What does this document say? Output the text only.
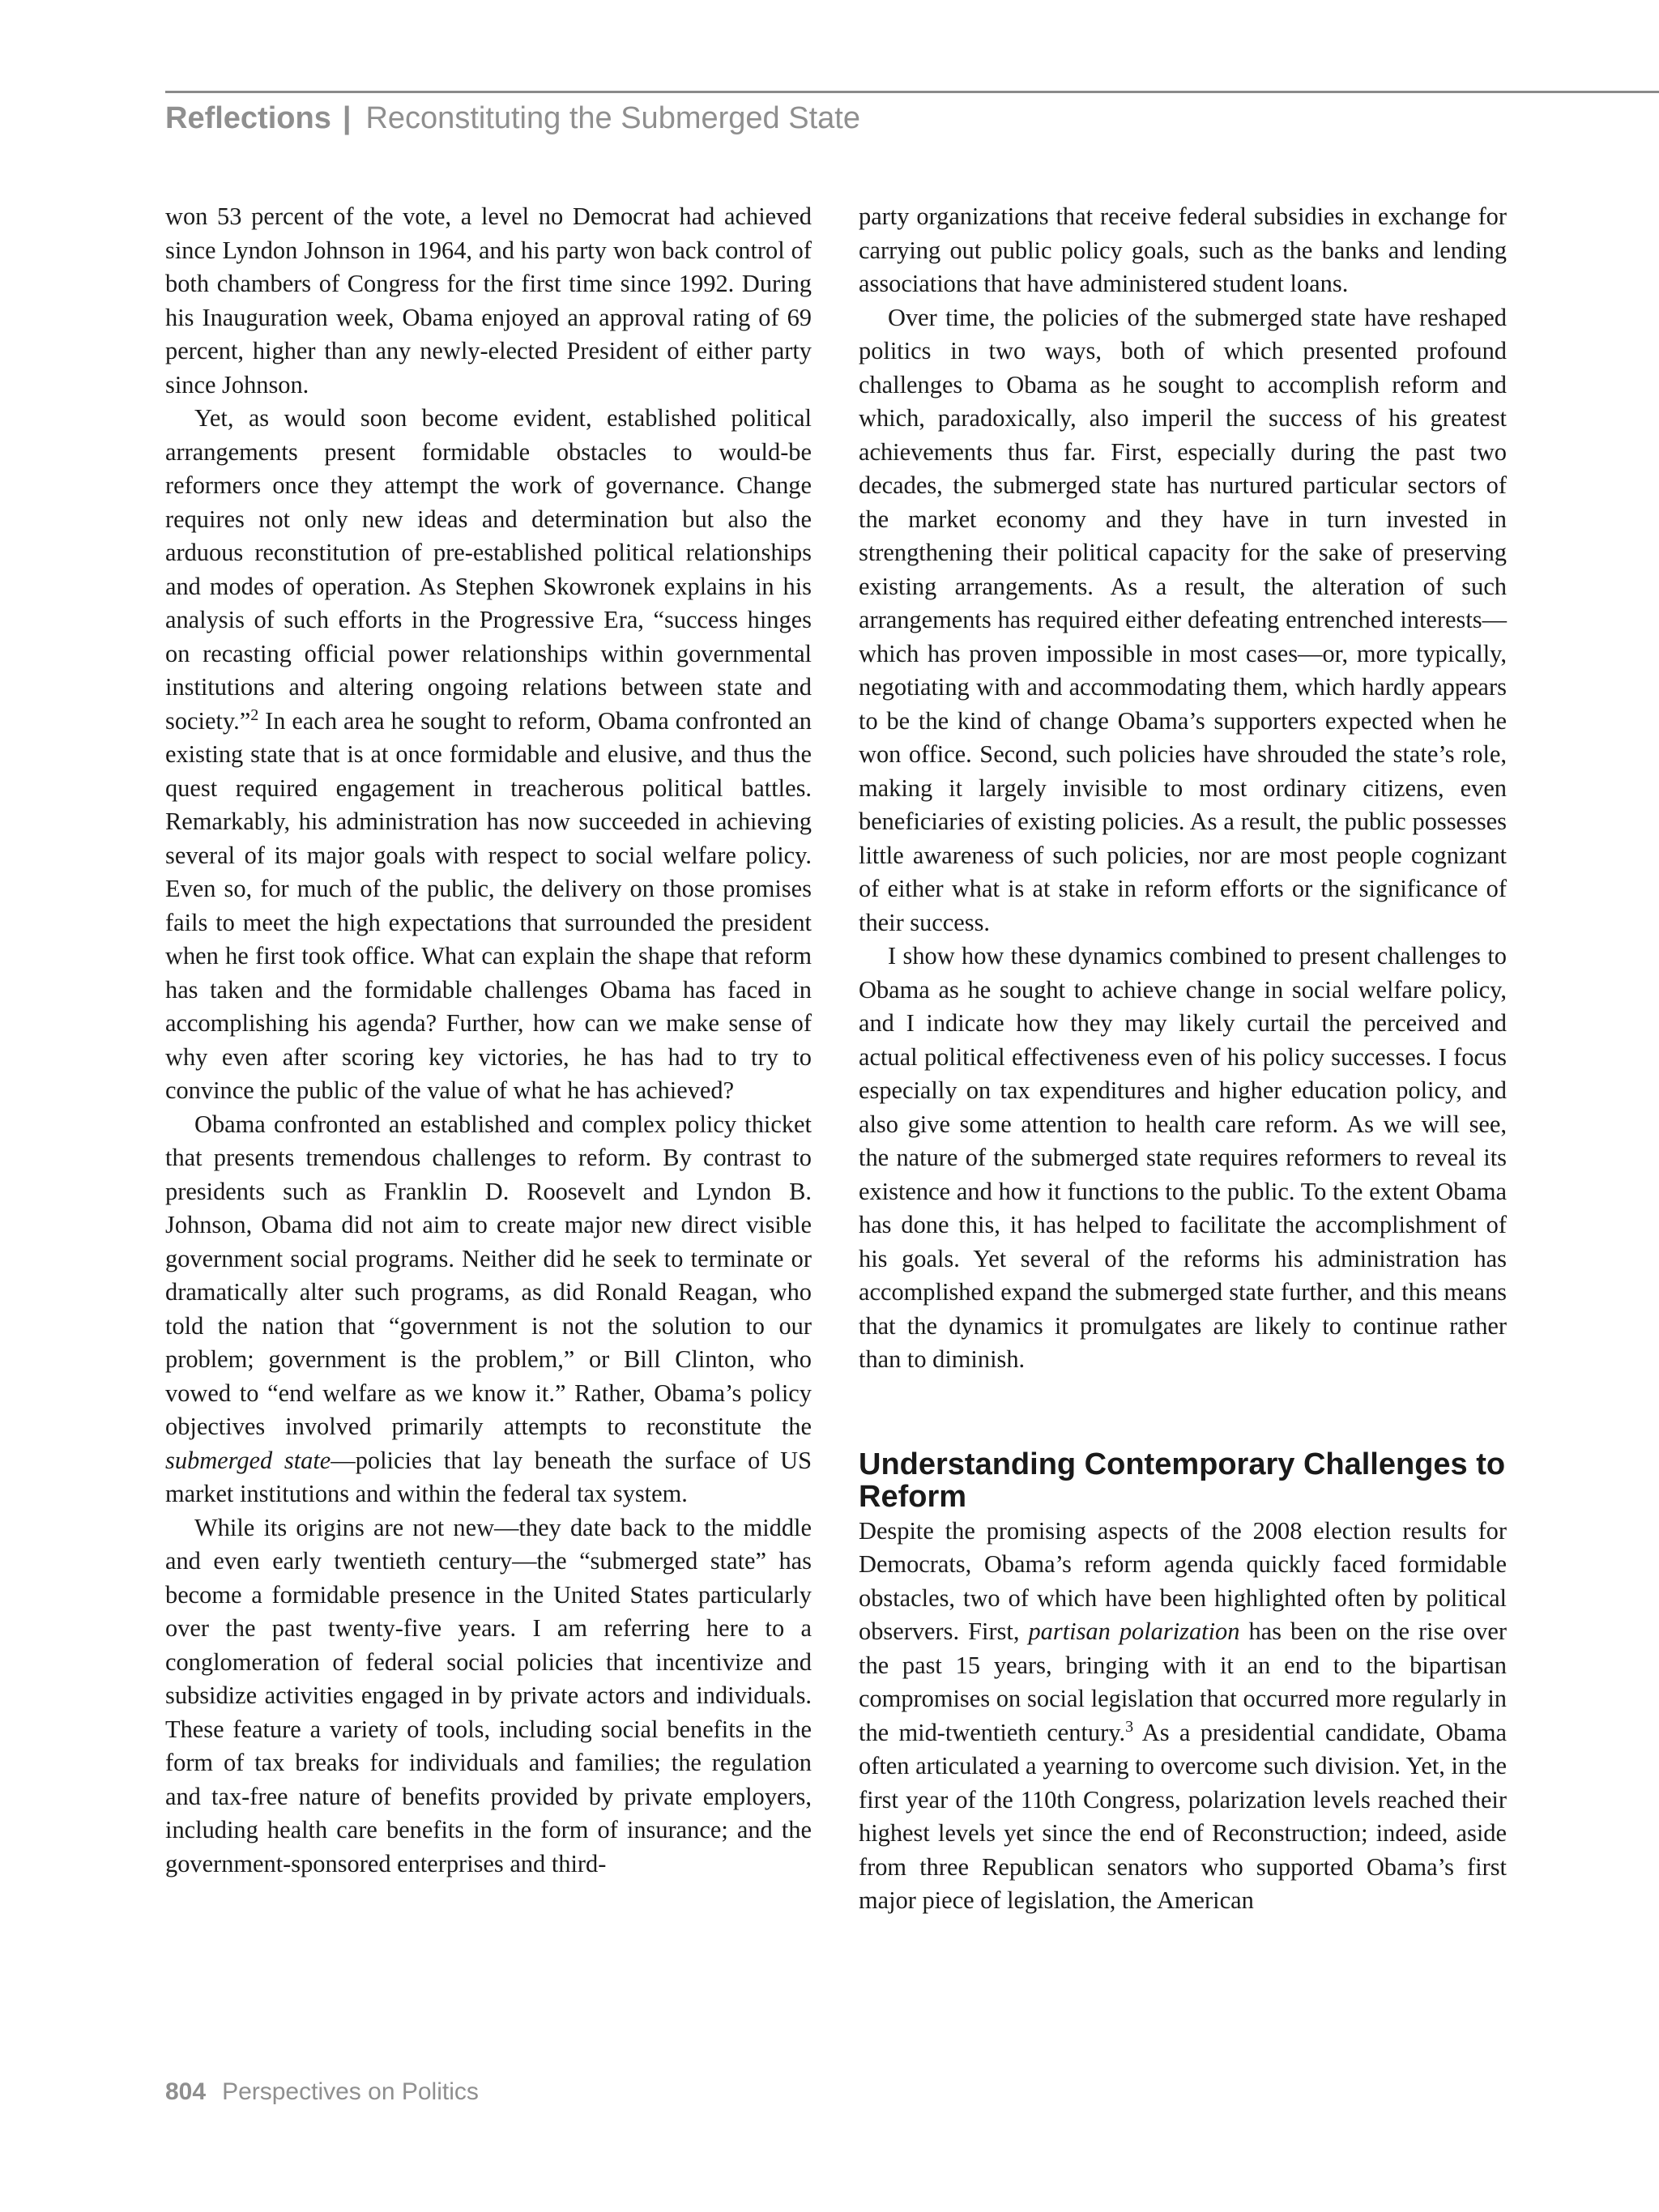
Reflections | Reconstituting the Submerged State

won 53 percent of the vote, a level no Democrat had achieved since Lyndon Johnson in 1964, and his party won back control of both chambers of Congress for the first time since 1992. During his Inauguration week, Obama enjoyed an approval rating of 69 percent, higher than any newly-elected President of either party since Johnson.

Yet, as would soon become evident, established political arrangements present formidable obstacles to would-be reformers once they attempt the work of governance. Change requires not only new ideas and determination but also the arduous reconstitution of pre-established political relationships and modes of operation. As Stephen Skowronek explains in his analysis of such efforts in the Progressive Era, “success hinges on recasting official power relationships within governmental institutions and altering ongoing relations between state and society.”$^2$ In each area he sought to reform, Obama confronted an existing state that is at once formidable and elusive, and thus the quest required engagement in treacherous political battles. Remarkably, his administration has now succeeded in achieving several of its major goals with respect to social welfare policy. Even so, for much of the public, the delivery on those promises fails to meet the high expectations that surrounded the president when he first took office. What can explain the shape that reform has taken and the formidable challenges Obama has faced in accomplishing his agenda? Further, how can we make sense of why even after scoring key victories, he has had to try to convince the public of the value of what he has achieved?

Obama confronted an established and complex policy thicket that presents tremendous challenges to reform. By contrast to presidents such as Franklin D. Roosevelt and Lyndon B. Johnson, Obama did not aim to create major new direct visible government social programs. Neither did he seek to terminate or dramatically alter such programs, as did Ronald Reagan, who told the nation that “government is not the solution to our problem; government is the problem,” or Bill Clinton, who vowed to “end welfare as we know it.” Rather, Obama’s policy objectives involved primarily attempts to reconstitute the submerged state—policies that lay beneath the surface of US market institutions and within the federal tax system.

While its origins are not new—they date back to the middle and even early twentieth century—the “submerged state” has become a formidable presence in the United States particularly over the past twenty-five years. I am referring here to a conglomeration of federal social policies that incentivize and subsidize activities engaged in by private actors and individuals. These feature a variety of tools, including social benefits in the form of tax breaks for individuals and families; the regulation and tax-free nature of benefits provided by private employers, including health care benefits in the form of insurance; and the government-sponsored enterprises and third-

party organizations that receive federal subsidies in exchange for carrying out public policy goals, such as the banks and lending associations that have administered student loans.

Over time, the policies of the submerged state have reshaped politics in two ways, both of which presented profound challenges to Obama as he sought to accomplish reform and which, paradoxically, also imperil the success of his greatest achievements thus far. First, especially during the past two decades, the submerged state has nurtured particular sectors of the market economy and they have in turn invested in strengthening their political capacity for the sake of preserving existing arrangements. As a result, the alteration of such arrangements has required either defeating entrenched interests—which has proven impossible in most cases—or, more typically, negotiating with and accommodating them, which hardly appears to be the kind of change Obama’s supporters expected when he won office. Second, such policies have shrouded the state’s role, making it largely invisible to most ordinary citizens, even beneficiaries of existing policies. As a result, the public possesses little awareness of such policies, nor are most people cognizant of either what is at stake in reform efforts or the significance of their success.

I show how these dynamics combined to present challenges to Obama as he sought to achieve change in social welfare policy, and I indicate how they may likely curtail the perceived and actual political effectiveness even of his policy successes. I focus especially on tax expenditures and higher education policy, and also give some attention to health care reform. As we will see, the nature of the submerged state requires reformers to reveal its existence and how it functions to the public. To the extent Obama has done this, it has helped to facilitate the accomplishment of his goals. Yet several of the reforms his administration has accomplished expand the submerged state further, and this means that the dynamics it promulgates are likely to continue rather than to diminish.

Understanding Contemporary Challenges to Reform

Despite the promising aspects of the 2008 election results for Democrats, Obama’s reform agenda quickly faced formidable obstacles, two of which have been highlighted often by political observers. First, partisan polarization has been on the rise over the past 15 years, bringing with it an end to the bipartisan compromises on social legislation that occurred more regularly in the mid-twentieth century.$^3$ As a presidential candidate, Obama often articulated a yearning to overcome such division. Yet, in the first year of the 110th Congress, polarization levels reached their highest levels yet since the end of Reconstruction; indeed, aside from three Republican senators who supported Obama’s first major piece of legislation, the American

804 Perspectives on Politics
